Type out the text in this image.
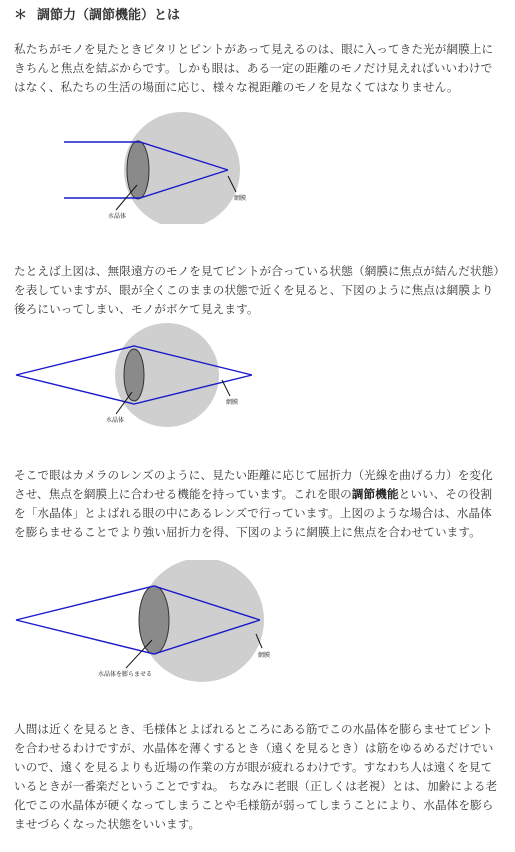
＊ 調節力（調節機能）とは

私たちがモノを見たときピタリとピントがあって見えるのは、眼に入ってきた光が網膜上にきちんと焦点を結ぶからです。しかも眼は、ある一定の距離のモノだけ見えればいいわけではなく、私たちの生活の場面に応じ、様々な視距離のモノを見なくてはなりません。

水晶体
網膜

たとえば上図は、無限遠方のモノを見てピントが合っている状態（網膜に焦点が結んだ状態）を表していますが、眼が全くこのままの状態で近くを見ると、下図のように焦点は網膜より後ろにいってしまい、モノがボケて見えます。

水晶体
網膜

そこで眼はカメラのレンズのように、見たい距離に応じて屈折力（光線を曲げる力）を変化させ、焦点を網膜上に合わせる機能を持っています。これを眼の調節機能といい、その役割を「水晶体」とよばれる眼の中にあるレンズで行っています。上図のような場合は、水晶体を膨らませることでより強い屈折力を得、下図のように網膜上に焦点を合わせています。

水晶体を膨らませる
網膜

人間は近くを見るとき、毛様体とよばれるところにある筋でこの水晶体を膨らませてピントを合わせるわけですが、水晶体を薄くするとき（遠くを見るとき）は筋をゆるめるだけでいいので、遠くを見るよりも近場の作業の方が眼が疲れるわけです。すなわち人は遠くを見ているときが一番楽だということですね。 ちなみに老眼（正しくは老視）とは、加齢による老化でこの水晶体が硬くなってしまうことや毛様筋が弱ってしまうことにより、水晶体を膨らませづらくなった状態をいいます。
